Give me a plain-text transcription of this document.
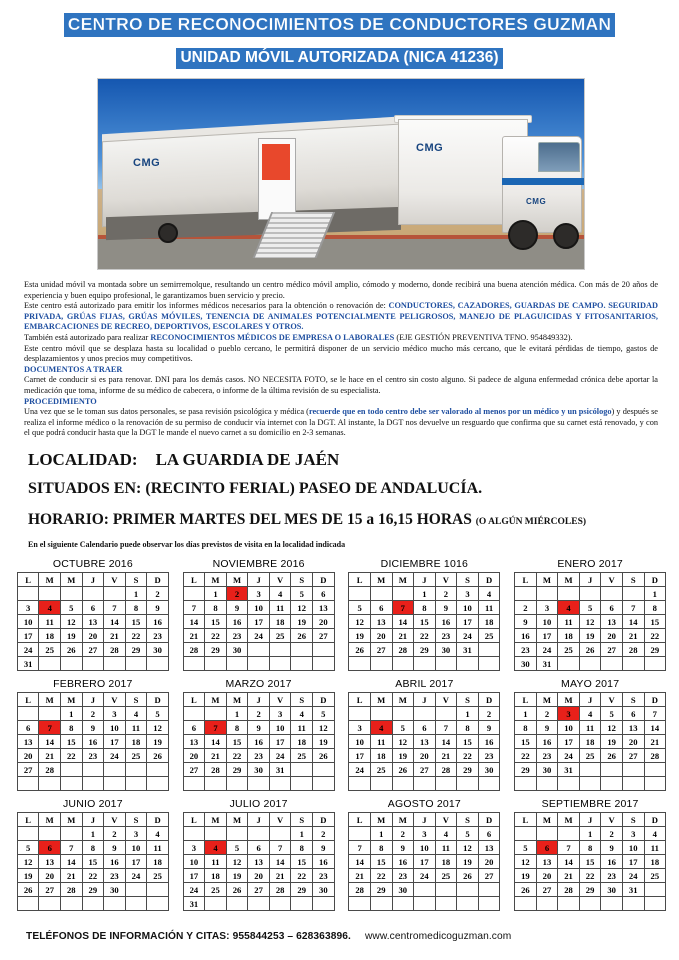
CENTRO DE RECONOCIMIENTOS DE CONDUCTORES GUZMAN
UNIDAD MÓVIL AUTORIZADA (NICA 41236)
CMG
CMG
CMG

Esta unidad móvil va montada sobre un semirremolque, resultando un centro médico móvil amplio, cómodo y moderno, donde recibirá una buena atención médica. Con más de 20 años de experiencia y buen equipo profesional, le garantizamos buen servicio y precio.

Este centro está autorizado para emitir los informes médicos necesarios para la obtención o renovación de: CONDUCTORES, CAZADORES, GUARDAS DE CAMPO. SEGURIDAD PRIVADA, GRÚAS FIJAS, GRÚAS MÓVILES, TENENCIA DE ANIMALES POTENCIALMENTE PELIGROSOS, MANEJO DE PLAGUICIDAS Y FITOSANITARIOS, EMBARCACIONES DE RECREO, DEPORTIVOS, ESCOLARES Y OTROS.

También está autorizado para realizar RECONOCIMIENTOS MÉDICOS DE EMPRESA O LABORALES (EJE GESTIÓN PREVENTIVA TFNO. 954849332).

Este centro móvil que se desplaza hasta su localidad o pueblo cercano, le permitirá disponer de un servicio médico mucho más cercano, que le evitará pérdidas de tiempo, gastos de desplazamientos y unos precios muy competitivos.

DOCUMENTOS A TRAER

Carnet de conducir si es para renovar. DNI para los demás casos. NO NECESITA FOTO, se le hace en el centro sin costo alguno. Si padece de alguna enfermedad crónica debe aportar la medicación que toma, informe de su médico de cabecera, o informe de la última revisión de su especialista.

PROCEDIMIENTO

Una vez que se le toman sus datos personales, se pasa revisión psicológica y médica (recuerde que en todo centro debe ser valorado al menos por un médico y un psicólogo) y después se realiza el informe médico o la renovación de su permiso de conducir vía internet con la DGT. Al instante, la DGT nos devuelve un resguardo que confirma que su carnet está renovado, y con el que podrá conducir hasta que la DGT le mande el nuevo carnet a su domicilio en 2-3 semanas.

LOCALIDAD: LA GUARDIA DE JAÉN
SITUADOS EN: (RECINTO FERIAL) PASEO DE ANDALUCÍA.
HORARIO: PRIMER MARTES DEL MES DE 15 a 16,15 HORAS (O ALGÚN MIÉRCOLES)
En el siguiente Calendario puede observar los días previstos de visita en la localidad indicada
OCTUBRE 2016
L	M	M	J	V	S	D
					1	2
3	4	5	6	7	8	9
10	11	12	13	14	15	16
17	18	19	20	21	22	23
24	25	26	27	28	29	30
31						
NOVIEMBRE 2016
L	M	M	J	V	S	D
	1	2	3	4	5	6
7	8	9	10	11	12	13
14	15	16	17	18	19	20
21	22	23	24	25	26	27
28	29	30				

DICIEMBRE 1016
L	M	M	J	V	S	D
			1	2	3	4
5	6	7	8	9	10	11
12	13	14	15	16	17	18
19	20	21	22	23	24	25
26	27	28	29	30	31	

ENERO 2017
L	M	M	J	V	S	D
						1
2	3	4	5	6	7	8
9	10	11	12	13	14	15
16	17	18	19	20	21	22
23	24	25	26	27	28	29
30	31					
FEBRERO 2017
L	M	M	J	V	S	D
		1	2	3	4	5
6	7	8	9	10	11	12
13	14	15	16	17	18	19
20	21	22	23	24	25	26
27	28					

MARZO 2017
L	M	M	J	V	S	D
		1	2	3	4	5
6	7	8	9	10	11	12
13	14	15	16	17	18	19
20	21	22	23	24	25	26
27	28	29	30	31		

ABRIL 2017
L	M	M	J	V	S	D
					1	2
3	4	5	6	7	8	9
10	11	12	13	14	15	16
17	18	19	20	21	22	23
24	25	26	27	28	29	30

MAYO 2017
L	M	M	J	V	S	D
1	2	3	4	5	6	7
8	9	10	11	12	13	14
15	16	17	18	19	20	21
22	23	24	25	26	27	28
29	30	31				

JUNIO 2017
L	M	M	J	V	S	D
			1	2	3	4
5	6	7	8	9	10	11
12	13	14	15	16	17	18
19	20	21	22	23	24	25
26	27	28	29	30		

JULIO 2017
L	M	M	J	V	S	D
					1	2
3	4	5	6	7	8	9
10	11	12	13	14	15	16
17	18	19	20	21	22	23
24	25	26	27	28	29	30
31						
AGOSTO 2017
L	M	M	J	V	S	D
	1	2	3	4	5	6
7	8	9	10	11	12	13
14	15	16	17	18	19	20
21	22	23	24	25	26	27
28	29	30				

SEPTIEMBRE 2017
L	M	M	J	V	S	D
			1	2	3	4
5	6	7	8	9	10	11
12	13	14	15	16	17	18
19	20	21	22	23	24	25
26	27	28	29	30	31	

TELÉFONOS DE INFORMACIÓN Y CITAS: 955844253 – 628363896. www.centromedicoguzman.com
